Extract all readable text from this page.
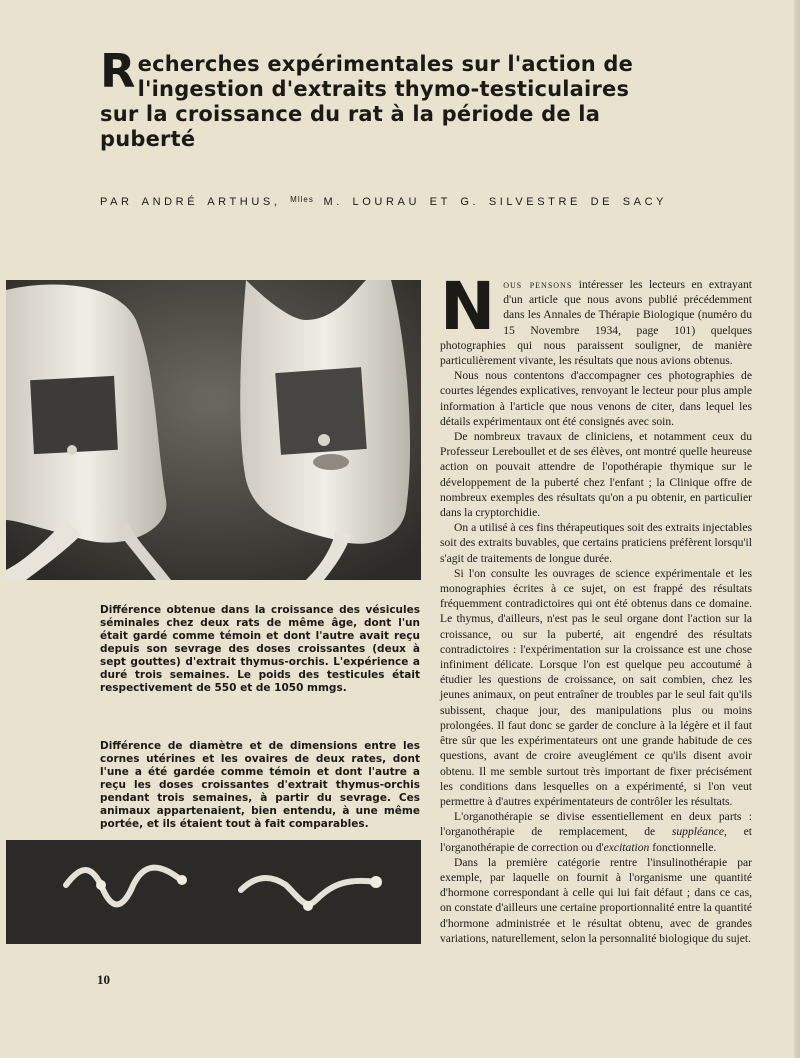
Recherches expérimentales sur l'action de l'ingestion d'extraits thymo-testiculaires sur la croissance du rat à la période de la puberté
PAR ANDRÉ ARTHUS, $^{Mlles}$ M. LOURAU ET G. SILVESTRE DE SACY
Différence obtenue dans la croissance des vésicules séminales chez deux rats de même âge, dont l'un était gardé comme témoin et dont l'autre avait reçu depuis son sevrage des doses croissantes (deux à sept gouttes) d'extrait thymus-orchis. L'expérience a duré trois semaines. Le poids des testicules était respectivement de 550 et de 1050 mmgs.
Différence de diamètre et de dimensions entre les cornes utérines et les ovaires de deux rates, dont l'une a été gardée comme témoin et dont l'autre a reçu les doses croissantes d'extrait thymus-orchis pendant trois semaines, à partir du sevrage. Ces animaux appartenaient, bien entendu, à une même portée, et ils étaient tout à fait comparables.

Nous pensons intéresser les lecteurs en extrayant d'un article que nous avons publié précédemment dans les Annales de Thérapie Biologique (numéro du 15 Novembre 1934, page 101) quelques photographies qui nous paraissent souligner, de manière particulièrement vivante, les résultats que nous avions obtenus.

Nous nous contentons d'accompagner ces photographies de courtes légendes explicatives, renvoyant le lecteur pour plus ample information à l'article que nous venons de citer, dans lequel les détails expérimentaux ont été consignés avec soin.

De nombreux travaux de cliniciens, et notamment ceux du Professeur Lereboullet et de ses élèves, ont montré quelle heureuse action on pouvait attendre de l'opothérapie thymique sur le développement de la puberté chez l'enfant ; la Clinique offre de nombreux exemples des résultats qu'on a pu obtenir, en particulier dans la cryptorchidie.

On a utilisé à ces fins thérapeutiques soit des extraits injectables soit des extraits buvables, que certains praticiens préfèrent lorsqu'il s'agit de traitements de longue durée.

Si l'on consulte les ouvrages de science expérimentale et les monographies écrites à ce sujet, on est frappé des résultats fréquemment contradictoires qui ont été obtenus dans ce domaine. Le thymus, d'ailleurs, n'est pas le seul organe dont l'action sur la croissance, ou sur la puberté, ait engendré des résultats contradictoires : l'expérimentation sur la croissance est une chose infiniment délicate. Lorsque l'on est quelque peu accoutumé à étudier les questions de croissance, on sait combien, chez les jeunes animaux, on peut entraîner de troubles par le seul fait qu'ils subissent, chaque jour, des manipulations plus ou moins prolongées. Il faut donc se garder de conclure à la légère et il faut être sûr que les expérimentateurs ont une grande habitude de ces questions, avant de croire aveuglément ce qu'ils disent avoir obtenu. Il me semble surtout très important de fixer précisément les conditions dans lesquelles on a expérimenté, si l'on veut permettre à d'autres expérimentateurs de contrôler les résultats.

L'organothérapie se divise essentiellement en deux parts : l'organothérapie de remplacement, de suppléance, et l'organothérapie de correction ou d'excitation fonctionnelle.

Dans la première catégorie rentre l'insulinothérapie par exemple, par laquelle on fournit à l'organisme une quantité d'hormone correspondant à celle qui lui fait défaut ; dans ce cas, on constate d'ailleurs une certaine proportionnalité entre la quantité d'hormone administrée et le résultat obtenu, avec de grandes variations, naturellement, selon la personnalité biologique du sujet.

10
